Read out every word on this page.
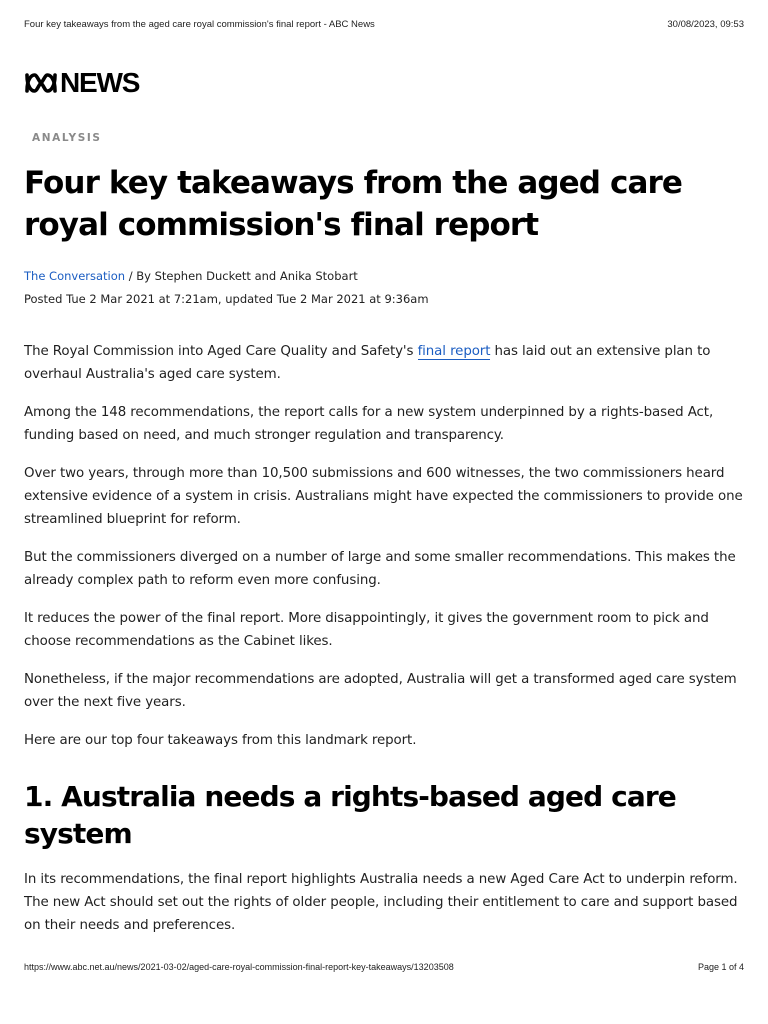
Four key takeaways from the aged care royal commission's final report - ABC News	30/08/2023, 09:53
NEWS
ANALYSIS
Four key takeaways from the aged care royal commission's final report
The Conversation / By Stephen Duckett and Anika Stobart
Posted Tue 2 Mar 2021 at 7:21am, updated Tue 2 Mar 2021 at 9:36am

The Royal Commission into Aged Care Quality and Safety's final report has laid out an extensive plan to overhaul Australia's aged care system.

Among the 148 recommendations, the report calls for a new system underpinned by a rights-based Act, funding based on need, and much stronger regulation and transparency.

Over two years, through more than 10,500 submissions and 600 witnesses, the two commissioners heard extensive evidence of a system in crisis. Australians might have expected the commissioners to provide one streamlined blueprint for reform.

But the commissioners diverged on a number of large and some smaller recommendations. This makes the already complex path to reform even more confusing.

It reduces the power of the final report. More disappointingly, it gives the government room to pick and choose recommendations as the Cabinet likes.

Nonetheless, if the major recommendations are adopted, Australia will get a transformed aged care system over the next five years.

Here are our top four takeaways from this landmark report.

1. Australia needs a rights-based aged care system

In its recommendations, the final report highlights Australia needs a new Aged Care Act to underpin reform. The new Act should set out the rights of older people, including their entitlement to care and support based on their needs and preferences.

https://www.abc.net.au/news/2021-03-02/aged-care-royal-commission-final-report-key-takeaways/13203508	Page 1 of 4
